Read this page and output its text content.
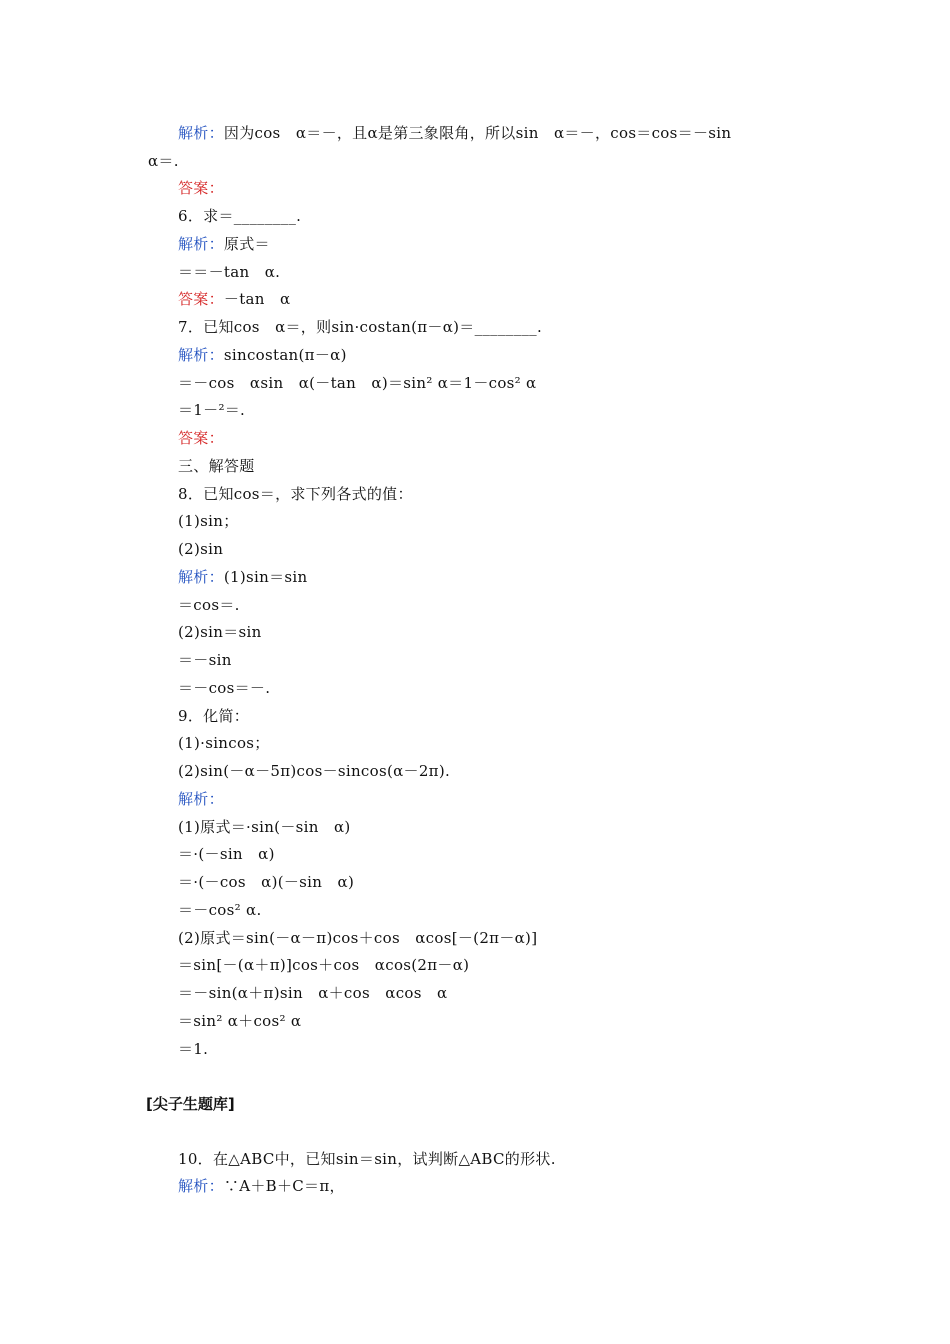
解析：因为cos　α＝－，且α是第三象限角，所以sin　α＝－，cos＝cos＝－sin
α＝.
答案：
6．求＝________.
解析：原式＝
＝＝－tan　α.
答案：－tan　α
7．已知cos　α＝，则sin·costan(π－α)＝________.
解析：sincostan(π－α)
＝－cos　αsin　α(－tan　α)＝sin² α＝1－cos² α
＝1－²＝.
答案：
三、解答题
8．已知cos＝，求下列各式的值：
(1)sin；
(2)sin
解析：(1)sin＝sin
＝cos＝.
(2)sin＝sin
＝－sin
＝－cos＝－.
9．化简：
(1)·sincos；
(2)sin(－α－5π)cos－sincos(α－2π).
解析：
(1)原式＝·sin(－sin　α)
＝·(－sin　α)
＝·(－cos　α)(－sin　α)
＝－cos² α.
(2)原式＝sin(－α－π)cos＋cos　αcos[－(2π－α)]
＝sin[－(α＋π)]cos＋cos　αcos(2π－α)
＝－sin(α＋π)sin　α＋cos　αcos　α
＝sin² α＋cos² α
＝1.
[尖子生题库]
10．在△ABC中，已知sin＝sin，试判断△ABC的形状.
解析：∵A＋B＋C＝π，
